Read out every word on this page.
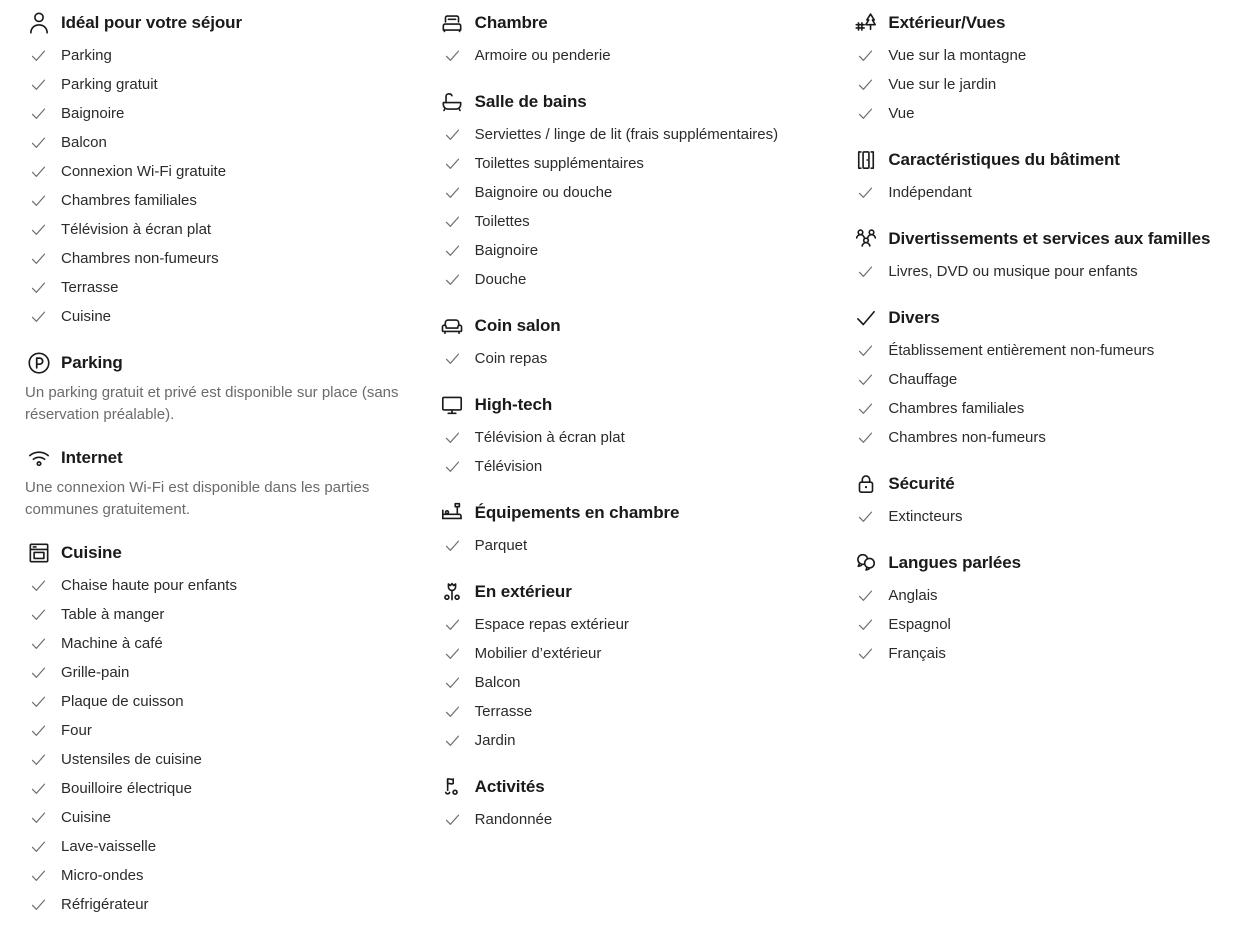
Idéal pour votre séjour
Parking
Parking gratuit
Baignoire
Balcon
Connexion Wi-Fi gratuite
Chambres familiales
Télévision à écran plat
Chambres non-fumeurs
Terrasse
Cuisine
Parking

Un parking gratuit et privé est disponible sur place (sans réservation préalable).

Internet

Une connexion Wi-Fi est disponible dans les parties communes gratuitement.

Cuisine
Chaise haute pour enfants
Table à manger
Machine à café
Grille-pain
Plaque de cuisson
Four
Ustensiles de cuisine
Bouilloire électrique
Cuisine
Lave-vaisselle
Micro-ondes
Réfrigérateur
Chambre
Armoire ou penderie
Salle de bains
Serviettes / linge de lit (frais supplémentaires)
Toilettes supplémentaires
Baignoire ou douche
Toilettes
Baignoire
Douche
Coin salon
Coin repas
High-tech
Télévision à écran plat
Télévision
Équipements en chambre
Parquet
En extérieur
Espace repas extérieur
Mobilier d’extérieur
Balcon
Terrasse
Jardin
Activités
Randonnée
Extérieur/Vues
Vue sur la montagne
Vue sur le jardin
Vue
Caractéristiques du bâtiment
Indépendant
Divertissements et services aux familles
Livres, DVD ou musique pour enfants
Divers
Établissement entièrement non-fumeurs
Chauffage
Chambres familiales
Chambres non-fumeurs
Sécurité
Extincteurs
Langues parlées
Anglais
Espagnol
Français
